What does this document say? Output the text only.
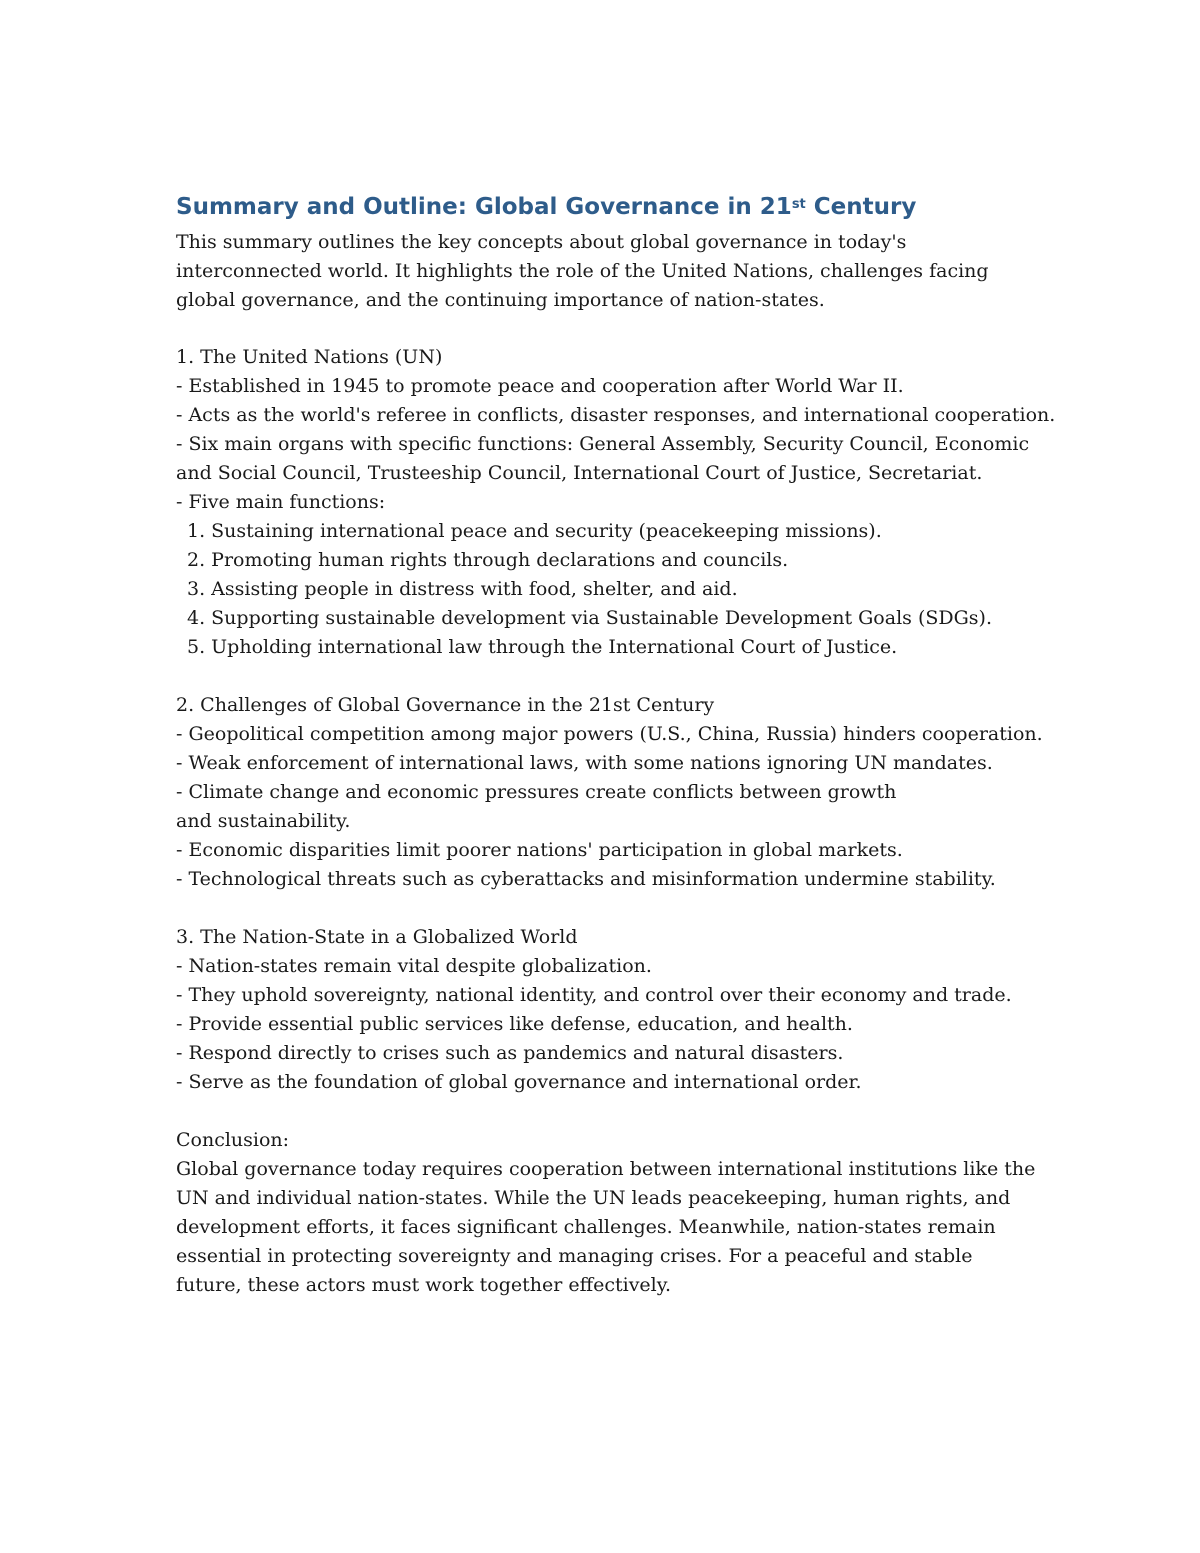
Summary and Outline: Global Governance in 21st Century

This summary outlines the key concepts about global governance in today's interconnected world. It highlights the role of the United Nations, challenges facing global governance, and the continuing importance of nation-states.

1. The United Nations (UN)

- Established in 1945 to promote peace and cooperation after World War II.

- Acts as the world's referee in conflicts, disaster responses, and international cooperation.

- Six main organs with specific functions: General Assembly, Security Council, Economic and Social Council, Trusteeship Council, International Court of Justice, Secretariat.

- Five main functions:

1. Sustaining international peace and security (peacekeeping missions).

2. Promoting human rights through declarations and councils.

3. Assisting people in distress with food, shelter, and aid.

4. Supporting sustainable development via Sustainable Development Goals (SDGs).

5. Upholding international law through the International Court of Justice.

2. Challenges of Global Governance in the 21st Century

- Geopolitical competition among major powers (U.S., China, Russia) hinders cooperation.

- Weak enforcement of international laws, with some nations ignoring UN mandates.

- Climate change and economic pressures create conflicts between growth and sustainability.

- Economic disparities limit poorer nations' participation in global markets.

- Technological threats such as cyberattacks and misinformation undermine stability.

3. The Nation-State in a Globalized World

- Nation-states remain vital despite globalization.

- They uphold sovereignty, national identity, and control over their economy and trade.

- Provide essential public services like defense, education, and health.

- Respond directly to crises such as pandemics and natural disasters.

- Serve as the foundation of global governance and international order.

Conclusion:

Global governance today requires cooperation between international institutions like the UN and individual nation-states. While the UN leads peacekeeping, human rights, and development efforts, it faces significant challenges. Meanwhile, nation-states remain essential in protecting sovereignty and managing crises. For a peaceful and stable future, these actors must work together effectively.
